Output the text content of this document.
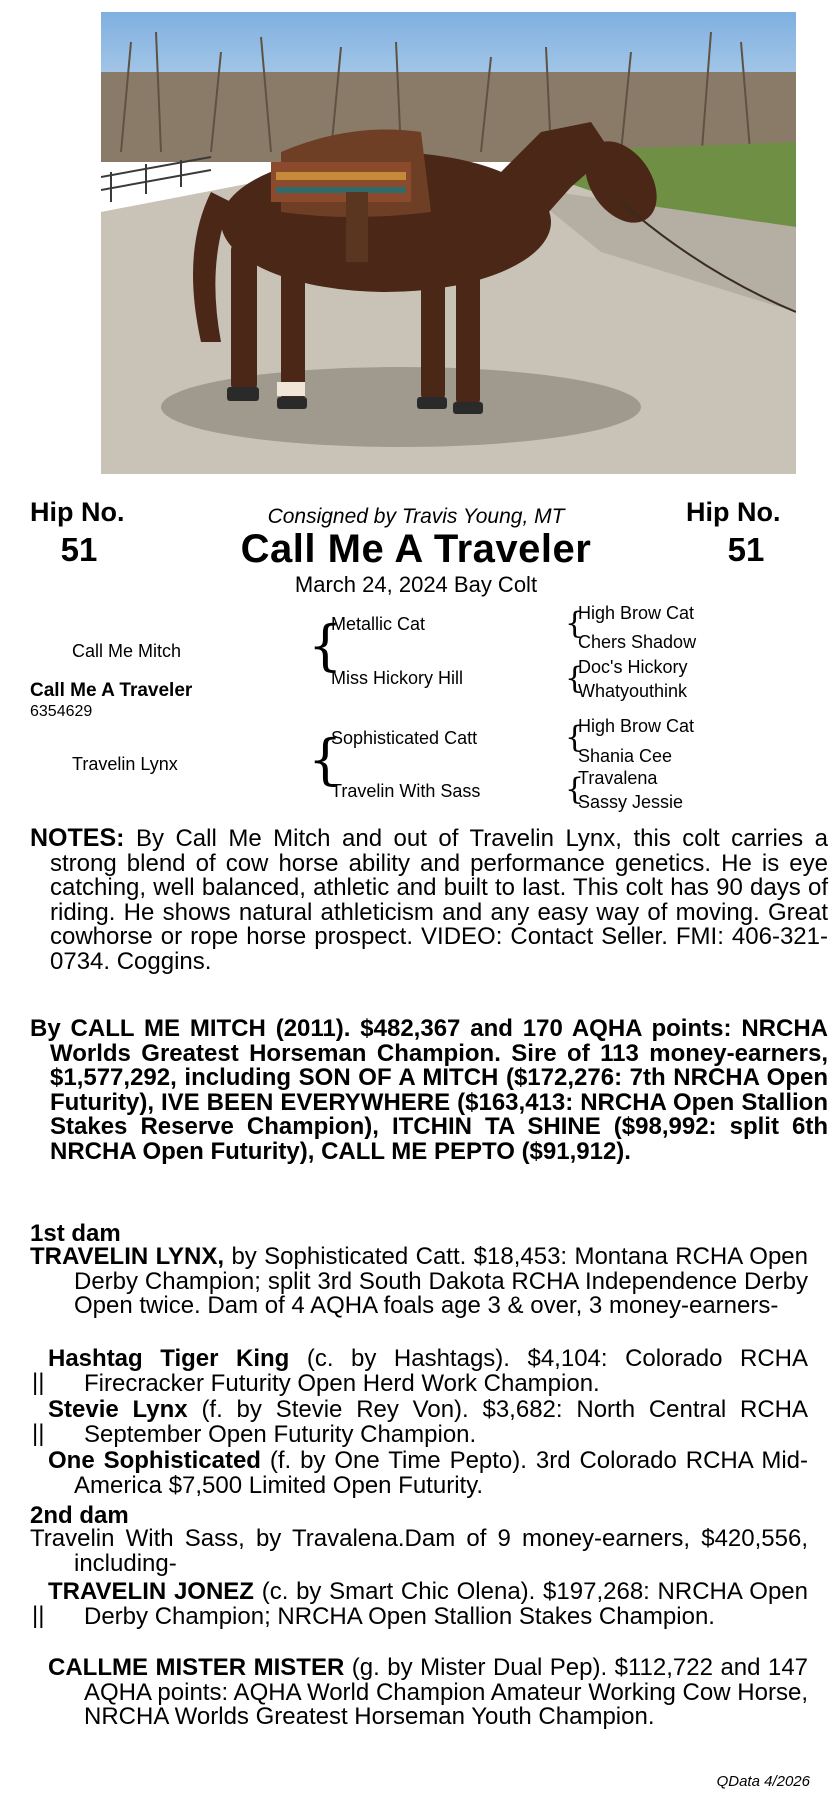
Hip No.
51
Hip No.
51
Consigned by Travis Young, MT
Call Me A Traveler
March 24, 2024 Bay Colt
Call Me Mitch
Call Me A Traveler
6354629
Travelin Lynx
{
{
Metallic Cat
Miss Hickory Hill
Sophisticated Catt
Travelin With Sass
{
{
{
{
High Brow Cat
Chers Shadow
Doc's Hickory
Whatyouthink
High Brow Cat
Shania Cee
Travalena
Sassy Jessie
NOTES: By Call Me Mitch and out of Travelin Lynx, this colt carries a strong blend of cow horse ability and performance genetics. He is eye catching, well balanced, athletic and built to last. This colt has 90 days of riding. He shows natural athleticism and any easy way of moving. Great cowhorse or rope horse prospect. VIDEO: Contact Seller. FMI: 406-321-0734. Coggins.
By CALL ME MITCH (2011). $482,367 and 170 AQHA points: NRCHA Worlds Greatest Horseman Champion. Sire of 113 money-earners, $1,577,292, including SON OF A MITCH ($172,276: 7th NRCHA Open Futurity), IVE BEEN EVERYWHERE ($163,413: NRCHA Open Stallion Stakes Reserve Champion), ITCHIN TA SHINE ($98,992: split 6th NRCHA Open Futurity), CALL ME PEPTO ($91,912).
1st dam
TRAVELIN LYNX, by Sophisticated Catt. $18,453: Montana RCHA Open Derby Champion; split 3rd South Dakota RCHA Independence Derby Open twice. Dam of 4 AQHA foals age 3 & over, 3 money-earners-
||
Hashtag Tiger King (c. by Hashtags). $4,104: Colorado RCHA Firecracker Futurity Open Herd Work Champion.
||
Stevie Lynx (f. by Stevie Rey Von). $3,682: North Central RCHA September Open Futurity Champion.
One Sophisticated (f. by One Time Pepto). 3rd Colorado RCHA Mid-America $7,500 Limited Open Futurity.
2nd dam
Travelin With Sass, by Travalena.Dam of 9 money-earners, $420,556, including-
||
TRAVELIN JONEZ (c. by Smart Chic Olena). $197,268: NRCHA Open Derby Champion; NRCHA Open Stallion Stakes Champion.
CALLME MISTER MISTER (g. by Mister Dual Pep). $112,722 and 147 AQHA points: AQHA World Champion Amateur Working Cow Horse, NRCHA Worlds Greatest Horseman Youth Champion.
QData 4/2026
